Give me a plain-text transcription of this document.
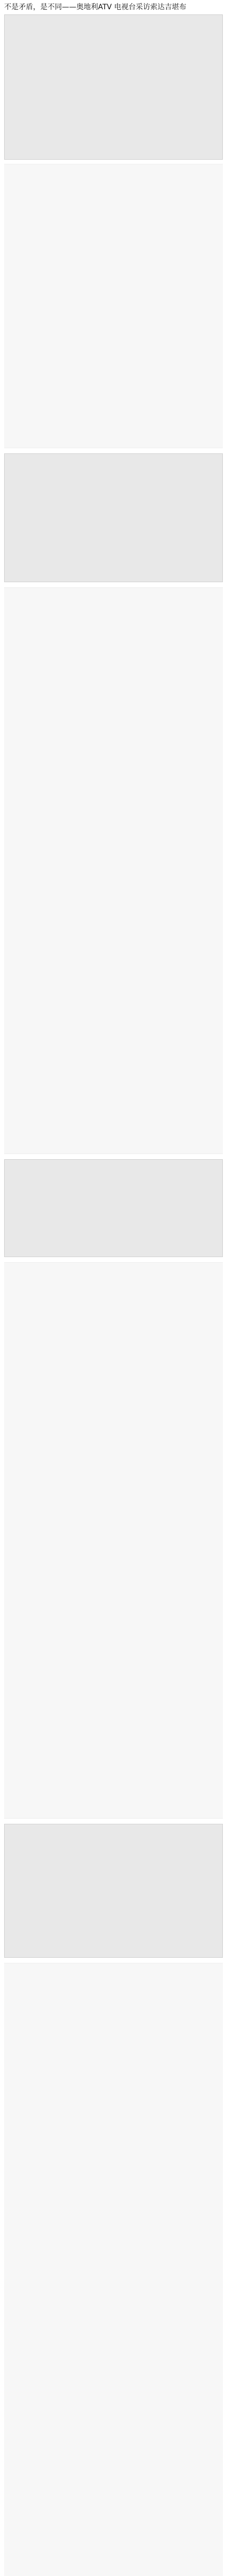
不是矛盾，是不同——奥地利ATV 电视台采访索达吉堪布
